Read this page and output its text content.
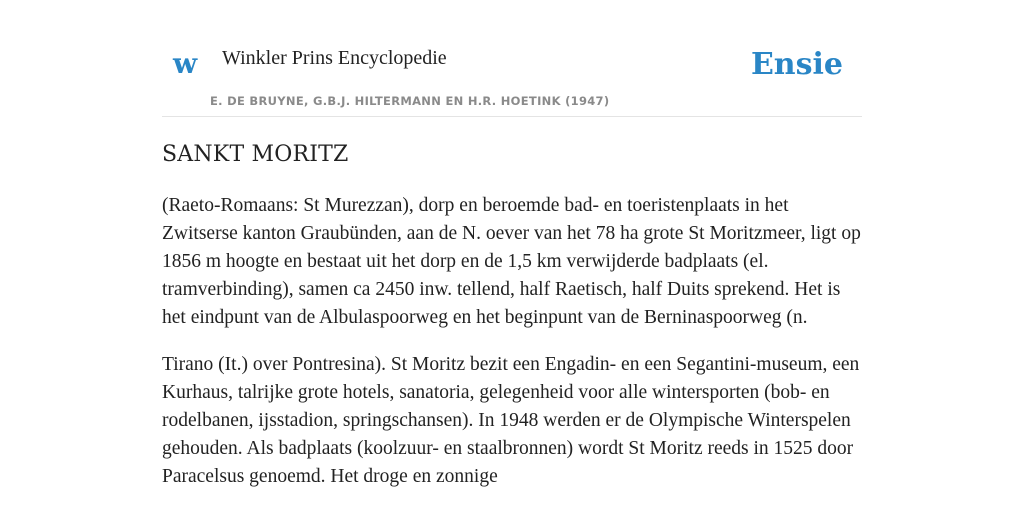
w Winkler Prins Encyclopedie
E. DE BRUYNE, G.B.J. HILTERMANN EN H.R. HOETINK (1947)
Ensie
SANKT MORITZ

(Raeto-Romaans: St Murezzan), dorp en beroemde bad- en toeristenplaats in het Zwitserse kanton Graubünden, aan de N. oever van het 78 ha grote St Moritzmeer, ligt op 1856 m hoogte en bestaat uit het dorp en de 1,5 km verwijderde badplaats (el. tramverbinding), samen ca 2450 inw. tellend, half Raetisch, half Duits sprekend. Het is het eindpunt van de Albulaspoorweg en het beginpunt van de Berninaspoorweg (n.

Tirano (It.) over Pontresina). St Moritz bezit een Engadin- en een Segantini-museum, een Kurhaus, talrijke grote hotels, sanatoria, gelegenheid voor alle wintersporten (bob- en rodelbanen, ijsstadion, springschansen). In 1948 werden er de Olympische Winterspelen gehouden. Als badplaats (koolzuur- en staalbronnen) wordt St Moritz reeds in 1525 door Paracelsus genoemd. Het droge en zonnige
